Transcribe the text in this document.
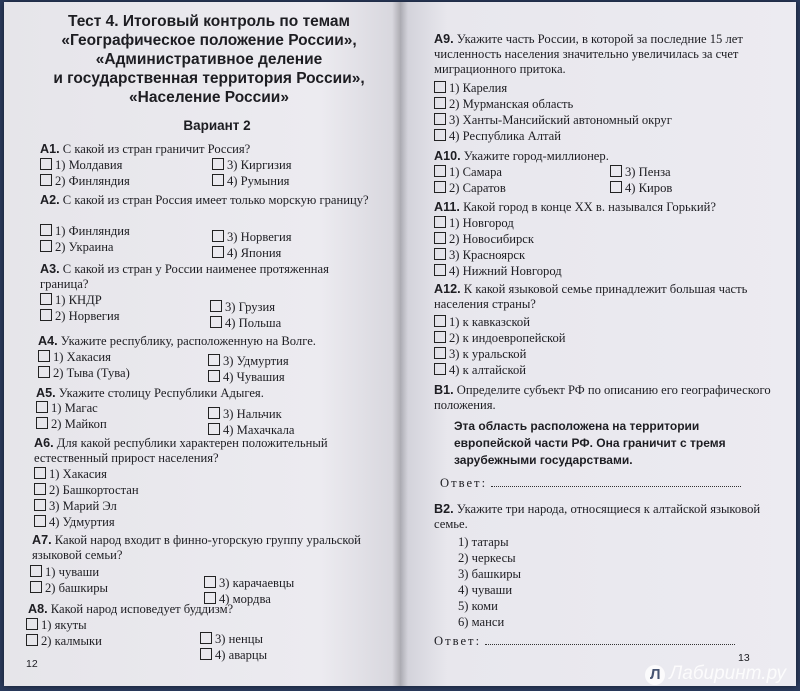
Тест 4. Итоговый контроль по темам
«Географическое положение России»,
«Административное деление
и государственная территория России»,
«Население России»
Вариант 2
A1. С какой из стран граничит Россия?
1) Молдавия
2) Финляндия
3) Киргизия
4) Румыния
A2. С какой из стран Россия имеет только морскую границу?
1) Финляндия
2) Украина
3) Норвегия
4) Япония
A3. С какой из стран у России наименее протяженная граница?
1) КНДР
2) Норвегия
3) Грузия
4) Польша
A4. Укажите республику, расположенную на Волге.
1) Хакасия
2) Тыва (Тува)
3) Удмуртия
4) Чувашия
A5. Укажите столицу Республики Адыгея.
1) Магас
2) Майкоп
3) Нальчик
4) Махачкала
A6. Для какой республики характерен положительный естественный прирост населения?
1) Хакасия
2) Башкортостан
3) Марий Эл
4) Удмуртия
A7. Какой народ входит в финно-угорскую группу уральской языковой семьи?
1) чуваши
2) башкиры	3) карачаевцы
4) мордва
A8. Какой народ исповедует буддизм?
1) якуты
2) калмыки	3) ненцы
4) аварцы
12
A9. Укажите часть России, в которой за последние 15 лет численность населения значительно увеличилась за счет миграционного притока.
1) Карелия
2) Мурманская область
3) Ханты-Мансийский автономный округ
4) Республика Алтай
A10. Укажите город-миллионер.
1) Самара
2) Саратов
3) Пенза
4) Киров
A11. Какой город в конце XX в. назывался Горький?
1) Новгород
2) Новосибирск
3) Красноярск
4) Нижний Новгород
A12. К какой языковой семье принадлежит большая часть населения страны?
1) к кавказской
2) к индоевропейской
3) к уральской
4) к алтайской
B1. Определите субъект РФ по описанию его географического положения.
Эта область расположена на территории европейской части РФ. Она граничит с тремя зарубежными государствами.
Ответ:
B2. Укажите три народа, относящиеся к алтайской языковой семье.
1) татары
2) черкесы
3) башкиры
4) чуваши
5) коми
6) манси
Ответ:
13
Л Лабиринт.ру
